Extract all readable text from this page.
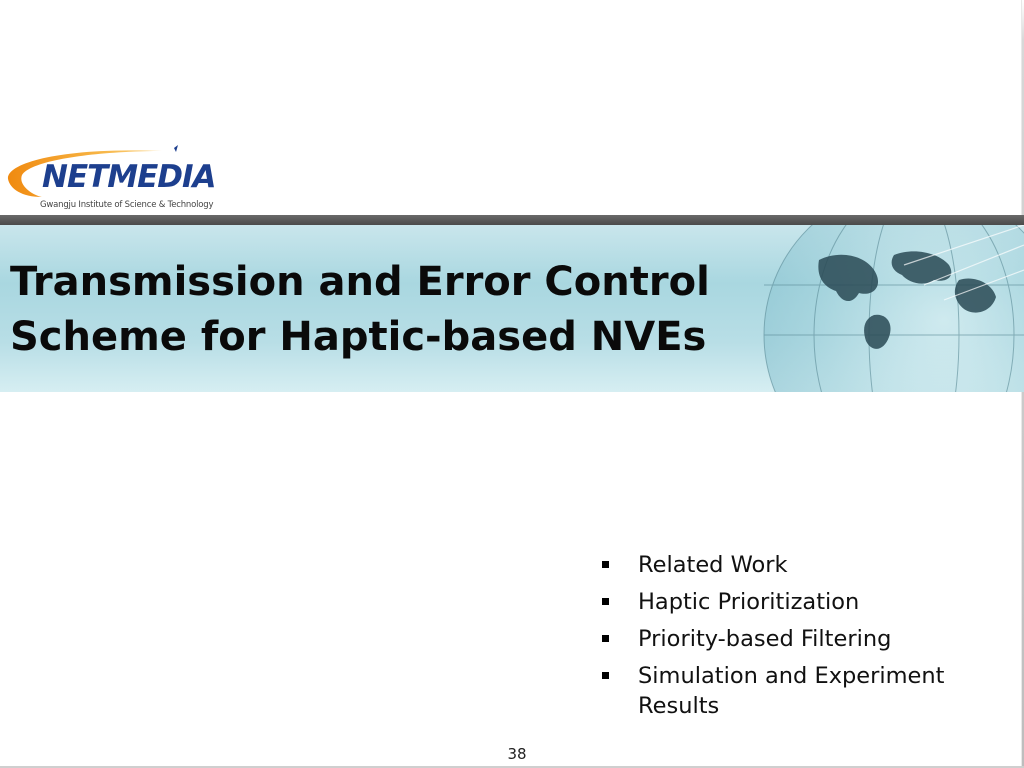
NETMEDIA
Gwangju Institute of Science & Technology
Transmission and Error Control
Scheme for Haptic-based NVEs
Related Work
Haptic Prioritization
Priority-based Filtering
Simulation and Experiment Results
38
